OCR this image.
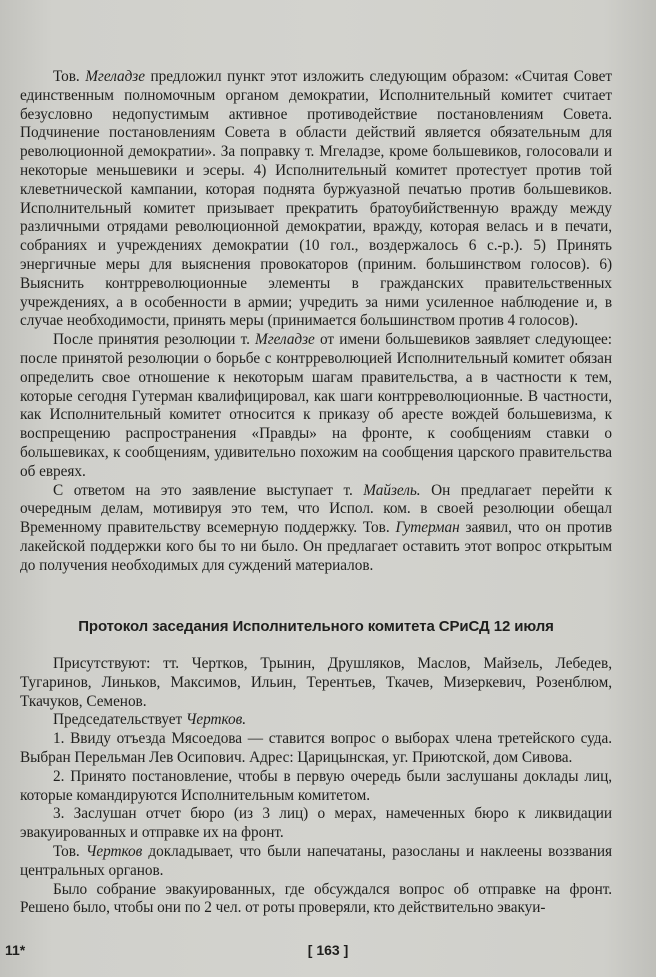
Тов. Мгеладзе предложил пункт этот изложить следующим образом: «Считая Совет единственным полномочным органом демократии, Исполнительный комитет считает безусловно недопустимым активное противодействие постановлениям Совета. Подчинение постановлениям Совета в области действий является обязательным для революционной демократии». За поправку т. Мгеладзе, кроме большевиков, голосовали и некоторые меньшевики и эсеры. 4) Исполнительный комитет протестует против той клеветнической кампании, которая поднята буржуазной печатью против большевиков. Исполнительный комитет призывает прекратить братоубийственную вражду между различными отрядами революционной демократии, вражду, которая велась и в печати, собраниях и учреждениях демократии (10 гол., воздержалось 6 с.-р.). 5) Принять энергичные меры для выяснения провокаторов (приним. большинством голосов). 6) Выяснить контрреволюционные элементы в гражданских правительственных учреждениях, а в особенности в армии; учредить за ними усиленное наблюдение и, в случае необходимости, принять меры (принимается большинством против 4 голосов).

После принятия резолюции т. Мгеладзе от имени большевиков заявляет следующее: после принятой резолюции о борьбе с контрреволюцией Исполнительный комитет обязан определить свое отношение к некоторым шагам правительства, а в частности к тем, которые сегодня Гутерман квалифицировал, как шаги контрреволюционные. В частности, как Исполнительный комитет относится к приказу об аресте вождей большевизма, к воспрещению распространения «Правды» на фронте, к сообщениям ставки о большевиках, к сообщениям, удивительно похожим на сообщения царского правительства об евреях.

С ответом на это заявление выступает т. Майзель. Он предлагает перейти к очередным делам, мотивируя это тем, что Испол. ком. в своей резолюции обещал Временному правительству всемерную поддержку. Тов. Гутерман заявил, что он против лакейской поддержки кого бы то ни было. Он предлагает оставить этот вопрос открытым до получения необходимых для суждений материалов.

Протокол заседания Исполнительного комитета СРиСД 12 июля

Присутствуют: тт. Чертков, Трынин, Друшляков, Маслов, Майзель, Лебедев, Тугаринов, Линьков, Максимов, Ильин, Терентьев, Ткачев, Мизеркевич, Розенблюм, Ткачуков, Семенов.

Председательствует Чертков.

1. Ввиду отъезда Мясоедова — ставится вопрос о выборах члена третейского суда. Выбран Перельман Лев Осипович. Адрес: Царицынская, уг. Приютской, дом Сивова.

2. Принято постановление, чтобы в первую очередь были заслушаны доклады лиц, которые командируются Исполнительным комитетом.

3. Заслушан отчет бюро (из 3 лиц) о мерах, намеченных бюро к ликвидации эвакуированных и отправке их на фронт.

Тов. Чертков докладывает, что были напечатаны, разосланы и наклеены воззвания центральных органов.

Было собрание эвакуированных, где обсуждался вопрос об отправке на фронт. Решено было, чтобы они по 2 чел. от роты проверяли, кто действительно эвакуи-

11*	[ 163 ]
